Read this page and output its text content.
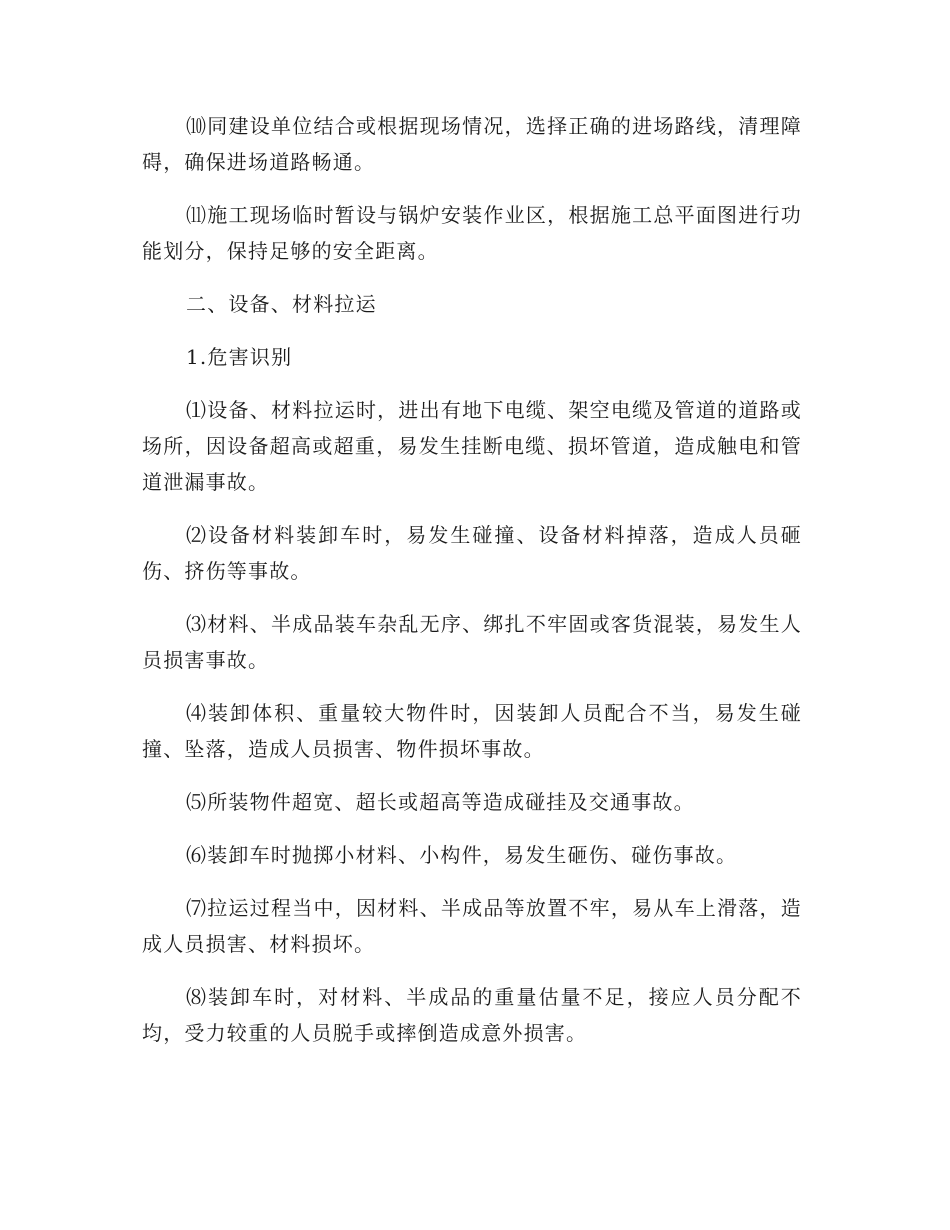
⑽同建设单位结合或根据现场情况，选择正确的进场路线，清理障碍，确保进场道路畅通。

⑾施工现场临时暂设与锅炉安装作业区，根据施工总平面图进行功能划分，保持足够的安全距离。

二、设备、材料拉运

1.危害识别

⑴设备、材料拉运时，进出有地下电缆、架空电缆及管道的道路或场所，因设备超高或超重，易发生挂断电缆、损坏管道，造成触电和管道泄漏事故。

⑵设备材料装卸车时，易发生碰撞、设备材料掉落，造成人员砸伤、挤伤等事故。

⑶材料、半成品装车杂乱无序、绑扎不牢固或客货混装，易发生人员损害事故。

⑷装卸体积、重量较大物件时，因装卸人员配合不当，易发生碰撞、坠落，造成人员损害、物件损坏事故。

⑸所装物件超宽、超长或超高等造成碰挂及交通事故。

⑹装卸车时抛掷小材料、小构件，易发生砸伤、碰伤事故。

⑺拉运过程当中，因材料、半成品等放置不牢，易从车上滑落，造成人员损害、材料损坏。

⑻装卸车时，对材料、半成品的重量估量不足，接应人员分配不均，受力较重的人员脱手或摔倒造成意外损害。
